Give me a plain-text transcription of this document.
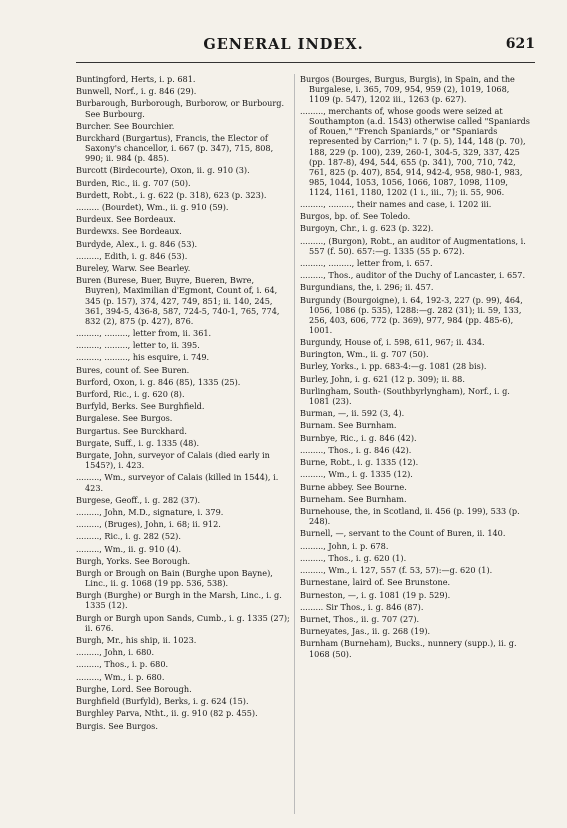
GENERAL INDEX.	621

Buntingford, Herts, i. p. 681.

Bunwell, Norf., i. g. 846 (29).

Burbarough, Burborough, Burborow, or Burbourg. See Burbourg.

Burcher. See Bourchier.

Burckhard (Burgartus), Francis, the Elector of Saxony's chancellor, i. 667 (p. 347), 715, 808, 990; ii. 984 (p. 485).

Burcott (Birdecourte), Oxon, ii. g. 910 (3).

Burden, Ric., ii. g. 707 (50).

Burdett, Robt., i. g. 622 (p. 318), 623 (p. 323).

......... (Bourdet), Wm., ii. g. 910 (59).

Burdeux. See Bordeaux.

Burdewxs. See Bordeaux.

Burdyde, Alex., i. g. 846 (53).

........., Edith, i. g. 846 (53).

Bureley, Warw. See Bearley.

Buren (Burese, Buer, Buyre, Bueren, Bwre, Buyren), Maximilian d'Egmont, Count of, i. 64, 345 (p. 157), 374, 427, 749, 851; ii. 140, 245, 361, 394-5, 436-8, 587, 724-5, 740-1, 765, 774, 832 (2), 875 (p. 427), 876.

........., ........., letter from, ii. 361.

........., ........., letter to, ii. 395.

........., ........., his esquire, i. 749.

Bures, count of. See Buren.

Burford, Oxon, i. g. 846 (85), 1335 (25).

Burford, Ric., i. g. 620 (8).

Burfyld, Berks. See Burghfield.

Burgalese. See Burgos.

Burgartus. See Burckhard.

Burgate, Suff., i. g. 1335 (48).

Burgate, John, surveyor of Calais (died early in 1545?), i. 423.

........., Wm., surveyor of Calais (killed in 1544), i. 423.

Burgese, Geoff., i. g. 282 (37).

........., John, M.D., signature, i. 379.

........., (Bruges), John, i. 68; ii. 912.

........., Ric., i. g. 282 (52).

........., Wm., ii. g. 910 (4).

Burgh, Yorks. See Borough.

Burgh or Brough on Bain (Burghe upon Bayne), Linc., ii. g. 1068 (19 pp. 536, 538).

Burgh (Burghe) or Burgh in the Marsh, Linc., i. g. 1335 (12).

Burgh or Burgh upon Sands, Cumb., i. g. 1335 (27); ii. 676.

Burgh, Mr., his ship, ii. 1023.

........., John, i. 680.

........., Thos., i. p. 680.

........., Wm., i. p. 680.

Burghe, Lord. See Borough.

Burghfield (Burfyld), Berks, i. g. 624 (15).

Burghley Parva, Ntht., ii. g. 910 (82 p. 455).

Burgis. See Burgos.

Burgos (Bourges, Burgus, Burgis), in Spain, and the Burgalese, i. 365, 709, 954, 959 (2), 1019, 1068, 1109 (p. 547), 1202 iii., 1263 (p. 627).

........., merchants of, whose goods were seized at Southampton (a.d. 1543) otherwise called "Spaniards of Rouen," "French Spaniards," or "Spaniards represented by Carrion;" i. 7 (p. 5), 144, 148 (p. 70), 188, 229 (p. 100), 239, 260-1, 304-5, 329, 337, 425 (pp. 187-8), 494, 544, 655 (p. 341), 700, 710, 742, 761, 825 (p. 407), 854, 914, 942-4, 958, 980-1, 983, 985, 1044, 1053, 1056, 1066, 1087, 1098, 1109, 1124, 1161, 1180, 1202 (1 i., iii., 7); ii. 55, 906.

........., ........., their names and case, i. 1202 iii.

Burgos, bp. of. See Toledo.

Burgoyn, Chr., i. g. 623 (p. 322).

........., (Burgon), Robt., an auditor of Augmentations, i. 557 (f. 50). 657:—g. 1335 (55 p. 672).

........., ........., letter from, i. 657.

........., Thos., auditor of the Duchy of Lancaster, i. 657.

Burgundians, the, i. 296; ii. 457.

Burgundy (Bourgoigne), i. 64, 192-3, 227 (p. 99), 464, 1056, 1086 (p. 535), 1288:—g. 282 (31); ii. 59, 133, 256, 403, 606, 772 (p. 369), 977, 984 (pp. 485-6), 1001.

Burgundy, House of, i. 598, 611, 967; ii. 434.

Burington, Wm., ii. g. 707 (50).

Burley, Yorks., i. pp. 683-4:—g. 1081 (28 bis).

Burley, John, i. g. 621 (12 p. 309); ii. 88.

Burlingham, South- (Southbyrlyngham), Norf., i. g. 1081 (23).

Burman, —, ii. 592 (3, 4).

Burnam. See Burnham.

Burnbye, Ric., i. g. 846 (42).

........., Thos., i. g. 846 (42).

Burne, Robt., i. g. 1335 (12).

........., Wm., i. g. 1335 (12).

Burne abbey. See Bourne.

Burneham. See Burnham.

Burnehouse, the, in Scotland, ii. 456 (p. 199), 533 (p. 248).

Burnell, —, servant to the Count of Buren, ii. 140.

........., John, i. p. 678.

........., Thos., i. g. 620 (1).

........., Wm., i. 127, 557 (f. 53, 57):—g. 620 (1).

Burnestane, laird of. See Brunstone.

Burneston, —, i. g. 1081 (19 p. 529).

......... Sir Thos., i. g. 846 (87).

Burnet, Thos., ii. g. 707 (27).

Burneyates, Jas., ii. g. 268 (19).

Burnham (Burneham), Bucks., nunnery (supp.), ii. g. 1068 (50).
